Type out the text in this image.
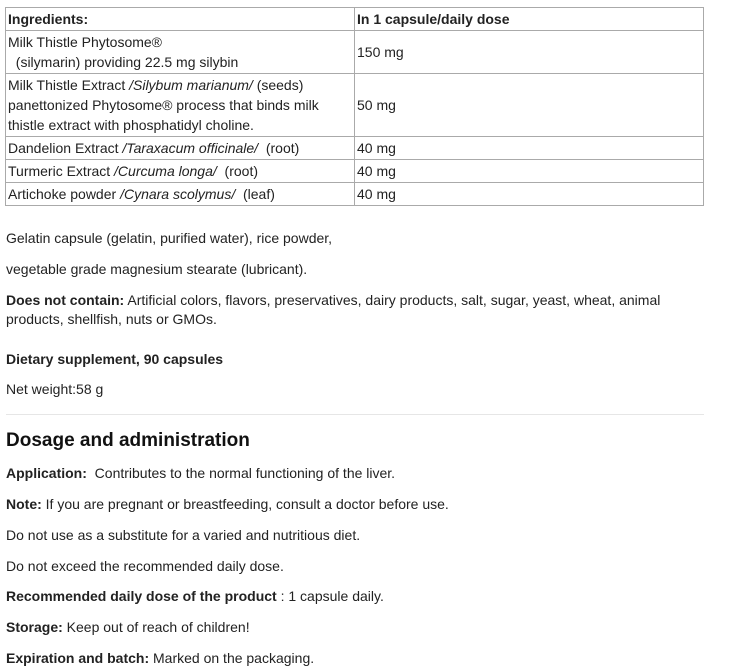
Ingredients:	In 1 capsule/daily dose
Milk Thistle Phytosome®  (silymarin) providing 22.5 mg silybin	150 mg
Milk Thistle Extract /Silybum marianum/ (seeds) panettonized Phytosome® process that binds milk thistle extract with phosphatidyl choline.	50 mg
Dandelion Extract /Taraxacum officinale/  (root)	40 mg
Turmeric Extract /Curcuma longa/  (root)	40 mg
Artichoke powder /Cynara scolymus/  (leaf)	40 mg

Gelatin capsule (gelatin, purified water), rice powder,

vegetable grade magnesium stearate (lubricant).

Does not contain: Artificial colors, flavors, preservatives, dairy products, salt, sugar, yeast, wheat, animal products, shellfish, nuts or GMOs.

Dietary supplement, 90 capsules

Net weight:58 g

Dosage and administration

Application:  Contributes to the normal functioning of the liver.

Note: If you are pregnant or breastfeeding, consult a doctor before use.

Do not use as a substitute for a varied and nutritious diet.

Do not exceed the recommended daily dose.

Recommended daily dose of the product : 1 capsule daily.

Storage: Keep out of reach of children!

Expiration and batch: Marked on the packaging.
